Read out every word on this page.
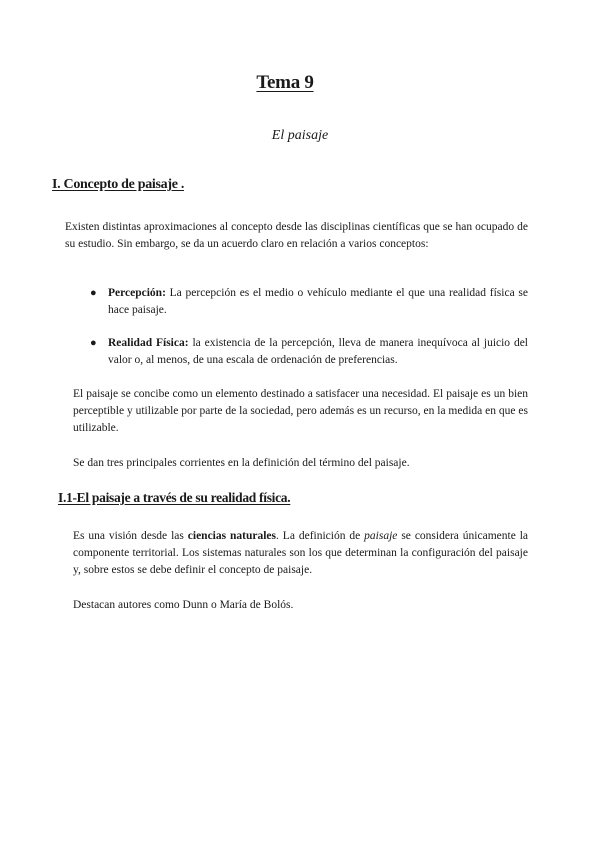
Tema 9
El paisaje
I. Concepto de paisaje .

Existen distintas aproximaciones al concepto desde las disciplinas científicas que se han ocupado de su estudio. Sin embargo, se da un acuerdo claro en relación a varios conceptos:

● Percepción: La percepción es el medio o vehículo mediante el que una realidad física se hace paisaje.
● Realidad Física: la existencia de la percepción, lleva de manera inequívoca al juicio del valor o, al menos, de una escala de ordenación de preferencias.

El paisaje se concibe como un elemento destinado a satisfacer una necesidad. El paisaje es un bien perceptible y utilizable por parte de la sociedad, pero además es un recurso, en la medida en que es utilizable.

Se dan tres principales corrientes en la definición del término del paisaje.

I.1-El paisaje a través de su realidad física.

Es una visión desde las ciencias naturales. La definición de paisaje se considera únicamente la componente territorial. Los sistemas naturales son los que determinan la configuración del paisaje y, sobre estos se debe definir el concepto de paisaje.

Destacan autores como Dunn o María de Bolós.
